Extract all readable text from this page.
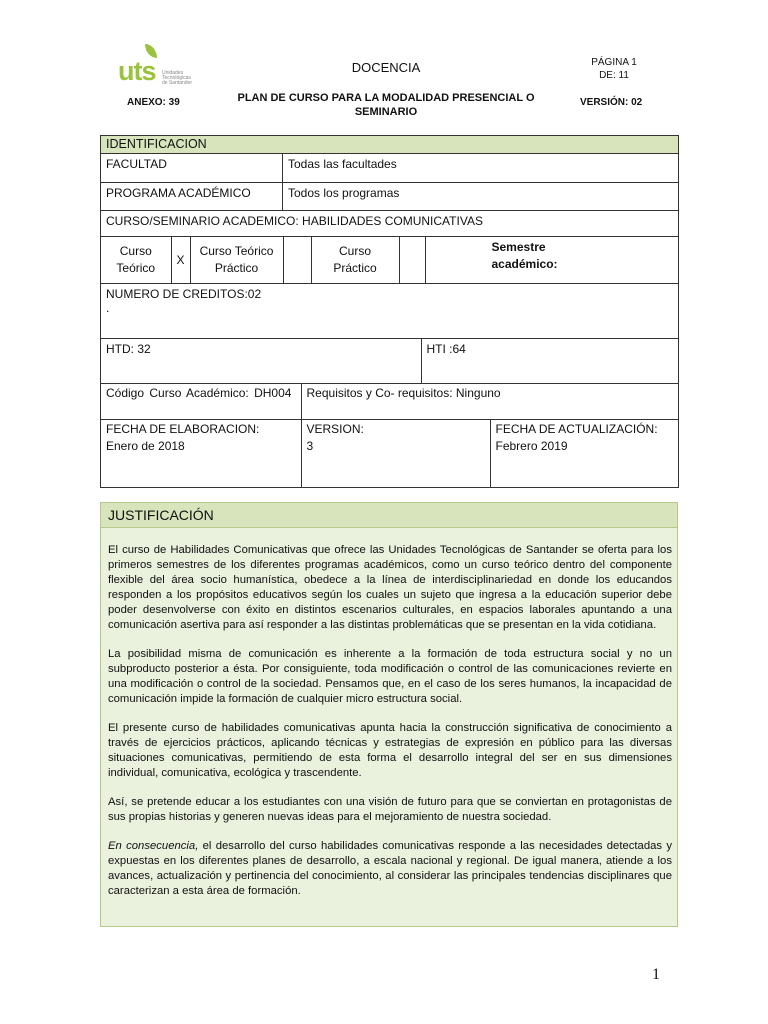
uts Unidades Tecnológicas de Santander
DOCENCIA
PLAN DE CURSO PARA LA MODALIDAD PRESENCIAL O SEMINARIO
ANEXO: 39
PÁGINA 1
DE: 11
VERSIÓN: 02
IDENTIFICACION
FACULTAD	Todas las facultades
PROGRAMA ACADÉMICO	Todos los programas
CURSO/SEMINARIO ACADEMICO: HABILIDADES COMUNICATIVAS

Curso Teórico	X	Curso Teórico Práctico		Curso Práctico		Semestre académico:

NUMERO DE CREDITOS:02
.

HTD: 32	HTI :64

Código Curso Académico: DH004	Requisitos y Co- requisitos: Ninguno

FECHA DE ELABORACION:
Enero de 2018

VERSION:
3

FECHA DE ACTUALIZACIÓN:
Febrero 2019
JUSTIFICACIÓN

El curso de Habilidades Comunicativas que ofrece las Unidades Tecnológicas de Santander se oferta para los primeros semestres de los diferentes programas académicos, como un curso teórico dentro del componente flexible del área socio humanística, obedece a la línea de interdisciplinariedad en donde los educandos responden a los propósitos educativos según los cuales un sujeto que ingresa a la educación superior debe poder desenvolverse con éxito en distintos escenarios culturales, en espacios laborales apuntando a una comunicación asertiva para así responder a las distintas problemáticas que se presentan en la vida cotidiana.

La posibilidad misma de comunicación es inherente a la formación de toda estructura social y no un subproducto posterior a ésta. Por consiguiente, toda modificación o control de las comunicaciones revierte en una modificación o control de la sociedad. Pensamos que, en el caso de los seres humanos, la incapacidad de comunicación impide la formación de cualquier micro estructura social.

El presente curso de habilidades comunicativas apunta hacia la construcción significativa de conocimiento a través de ejercicios prácticos, aplicando técnicas y estrategias de expresión en público para las diversas situaciones comunicativas, permitiendo de esta forma el desarrollo integral del ser en sus dimensiones individual, comunicativa, ecológica y trascendente.

Así, se pretende educar a los estudiantes con una visión de futuro para que se conviertan en protagonistas de sus propias historias y generen nuevas ideas para el mejoramiento de nuestra sociedad.

En consecuencia, el desarrollo del curso habilidades comunicativas responde a las necesidades detectadas y expuestas en los diferentes planes de desarrollo, a escala nacional y regional. De igual manera, atiende a los avances, actualización y pertinencia del conocimiento, al considerar las principales tendencias disciplinares que caracterizan a esta área de formación.

1
